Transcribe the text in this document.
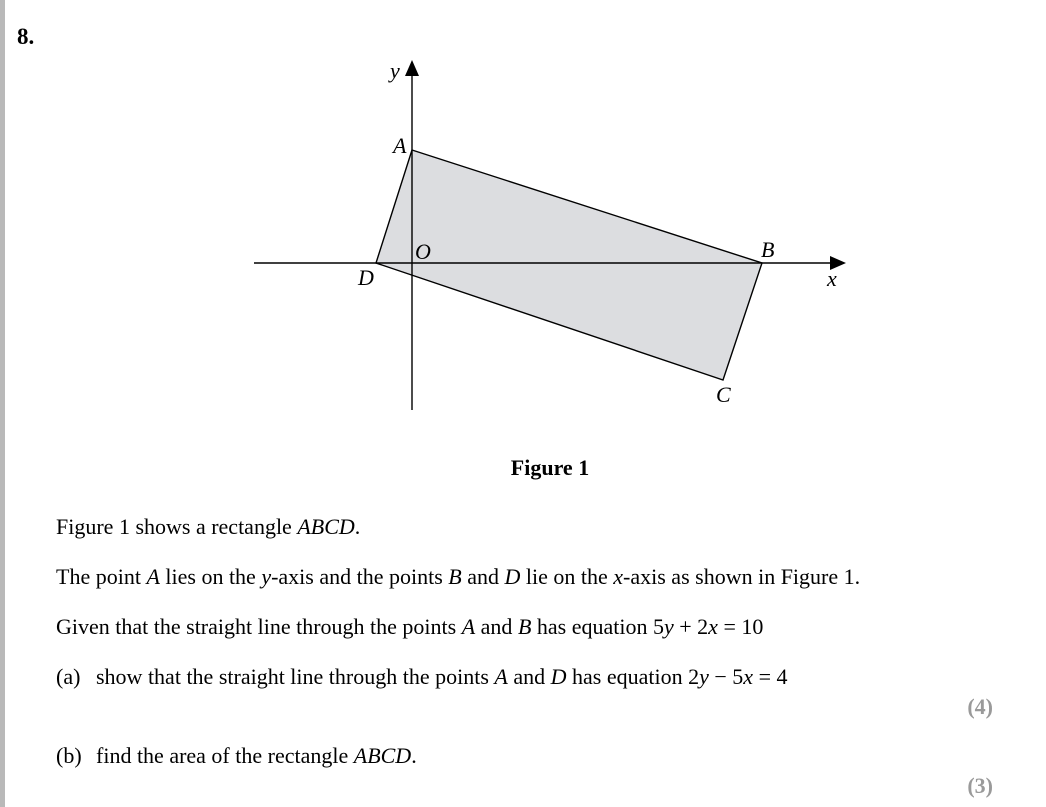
8.
y
x
O
A
B
C
D
Figure 1
Figure 1 shows a rectangle ABCD.
The point A lies on the y-axis and the points B and D lie on the x-axis as shown in Figure 1.
Given that the straight line through the points A and B has equation 5y + 2x = 10
(a) show that the straight line through the points A and D has equation 2y − 5x = 4
(4)
(b) find the area of the rectangle ABCD.
(3)
